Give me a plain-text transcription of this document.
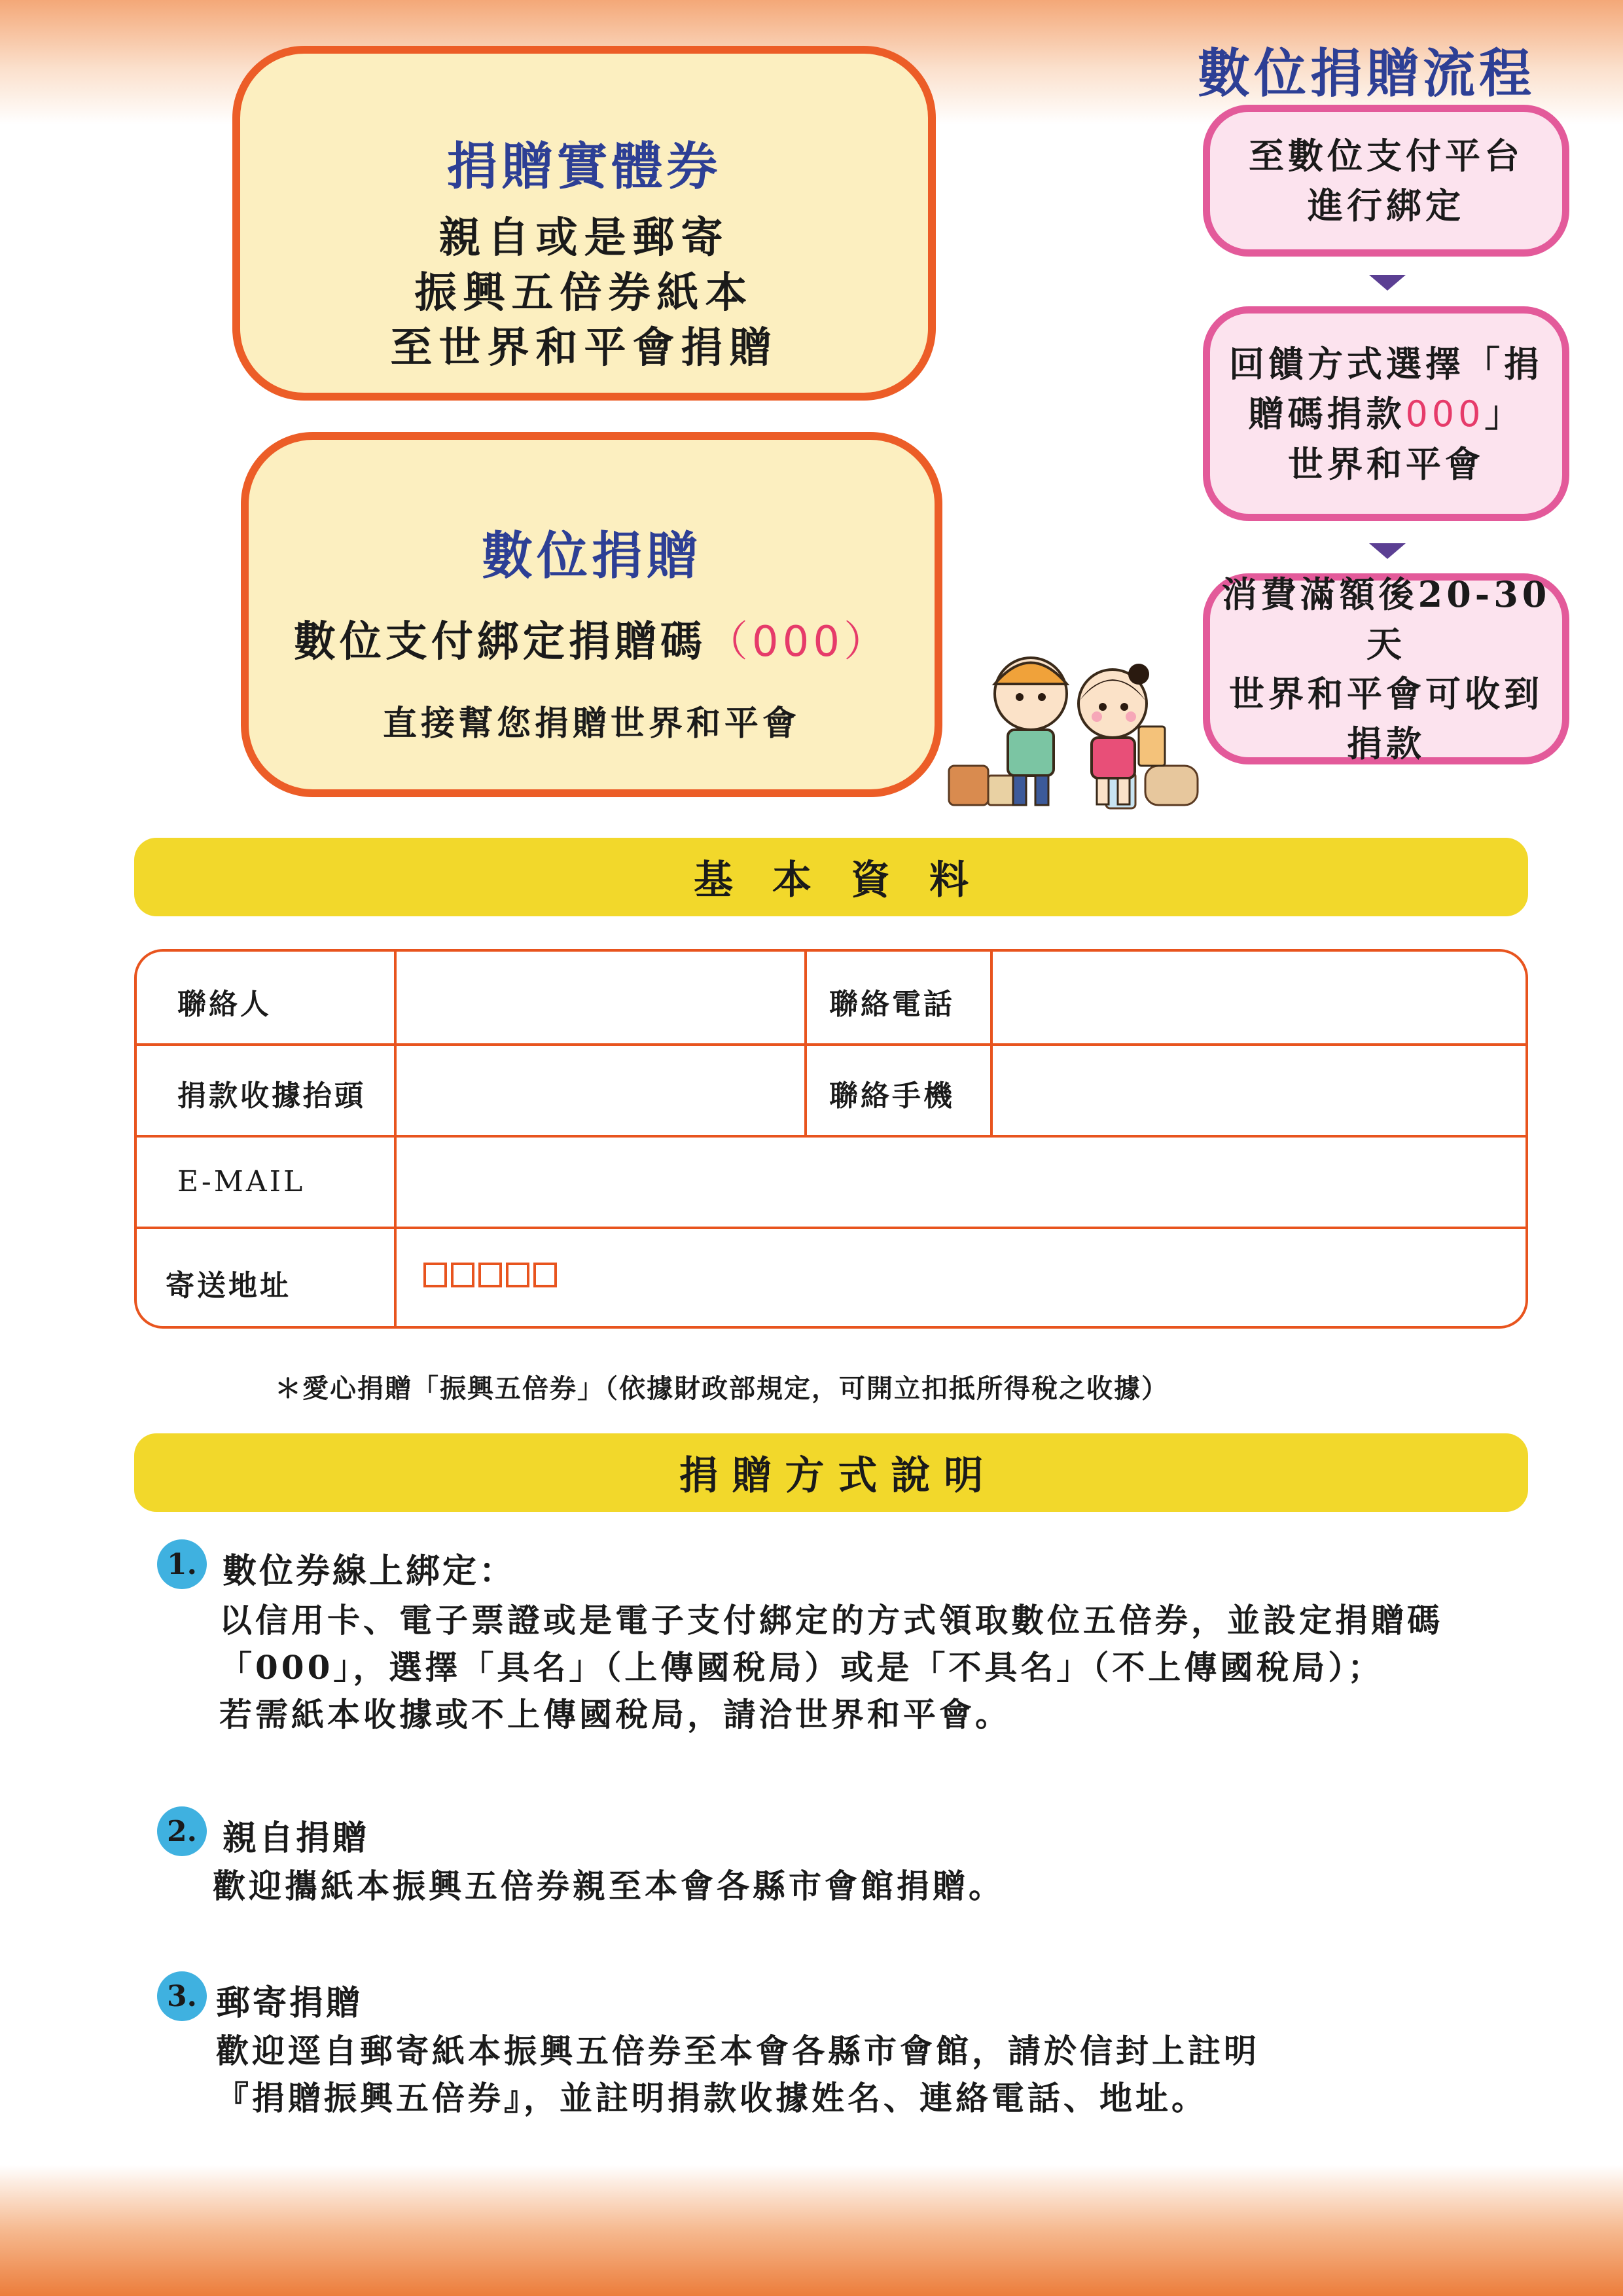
捐贈實體券
親自或是郵寄
振興五倍券紙本
至世界和平會捐贈
數位捐贈
數位支付綁定捐贈碼（000）
直接幫您捐贈世界和平會
數位捐贈流程
至數位支付平台
進行綁定
回饋方式選擇「捐
贈碼捐款000」
世界和平會
消費滿額後20-30天
世界和平會可收到
捐款
基　本　資　料
聯絡人	聯絡電話
捐款收據抬頭	聯絡手機
E-MAIL
寄送地址
＊愛心捐贈「振興五倍券」（依據財政部規定，可開立扣抵所得稅之收據）
捐 贈 方 式 說 明
1. 數位券線上綁定：
以信用卡、電子票證或是電子支付綁定的方式領取數位五倍券，並設定捐贈碼
「000」，選擇「具名」（上傳國稅局）或是「不具名」（不上傳國稅局）；
若需紙本收據或不上傳國稅局，請洽世界和平會。
2. 親自捐贈
歡迎攜紙本振興五倍券親至本會各縣市會館捐贈。
3. 郵寄捐贈
歡迎逕自郵寄紙本振興五倍券至本會各縣市會館，請於信封上註明
『捐贈振興五倍券』，並註明捐款收據姓名、連絡電話、地址。
